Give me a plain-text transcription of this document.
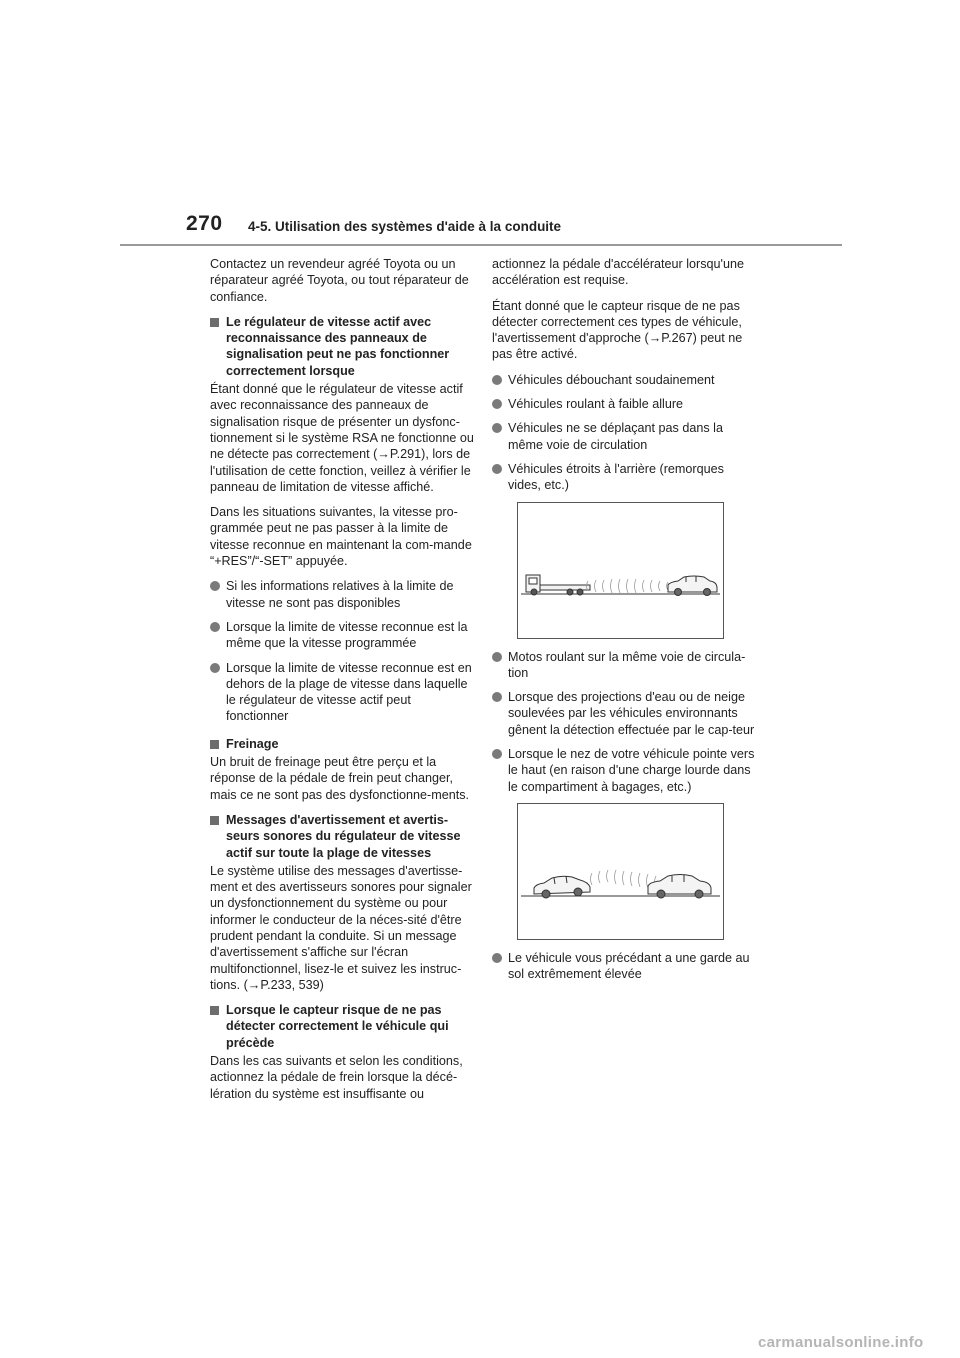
270 4-5. Utilisation des systèmes d'aide à la conduite

Contactez un revendeur agréé Toyota ou un réparateur agréé Toyota, ou tout réparateur de confiance.

Le régulateur de vitesse actif avec reconnaissance des panneaux de signalisation peut ne pas fonctionner correctement lorsque

Étant donné que le régulateur de vitesse actif avec reconnaissance des panneaux de signalisation risque de présenter un dysfonc-tionnement si le système RSA ne fonctionne ou ne détecte pas correctement (→P.291), lors de l'utilisation de cette fonction, veillez à vérifier le panneau de limitation de vitesse affiché.

Dans les situations suivantes, la vitesse pro-grammée peut ne pas passer à la limite de vitesse reconnue en maintenant la com-mande “+RES”/“-SET” appuyée.

Si les informations relatives à la limite de vitesse ne sont pas disponibles
Lorsque la limite de vitesse reconnue est la même que la vitesse programmée
Lorsque la limite de vitesse reconnue est en dehors de la plage de vitesse dans laquelle le régulateur de vitesse actif peut fonctionner
Freinage

Un bruit de freinage peut être perçu et la réponse de la pédale de frein peut changer, mais ce ne sont pas des dysfonctionne-ments.

Messages d'avertissement et avertis-seurs sonores du régulateur de vitesse actif sur toute la plage de vitesses

Le système utilise des messages d'avertisse-ment et des avertisseurs sonores pour signaler un dysfonctionnement du système ou pour informer le conducteur de la néces-sité d'être prudent pendant la conduite. Si un message d'avertissement s'affiche sur l'écran multifonctionnel, lisez-le et suivez les instruc-tions. (→P.233, 539)

Lorsque le capteur risque de ne pas détecter correctement le véhicule qui précède

Dans les cas suivants et selon les conditions, actionnez la pédale de frein lorsque la décé-lération du système est insuffisante ou

actionnez la pédale d'accélérateur lorsqu'une accélération est requise.

Étant donné que le capteur risque de ne pas détecter correctement ces types de véhicule, l'avertissement d'approche (→P.267) peut ne pas être activé.

Véhicules débouchant soudainement
Véhicules roulant à faible allure
Véhicules ne se déplaçant pas dans la même voie de circulation
Véhicules étroits à l'arrière (remorques vides, etc.)
Motos roulant sur la même voie de circula-tion
Lorsque des projections d'eau ou de neige soulevées par les véhicules environnants gênent la détection effectuée par le cap-teur
Lorsque le nez de votre véhicule pointe vers le haut (en raison d'une charge lourde dans le compartiment à bagages, etc.)
Le véhicule vous précédant a une garde au sol extrêmement élevée
carmanualsonline.info
